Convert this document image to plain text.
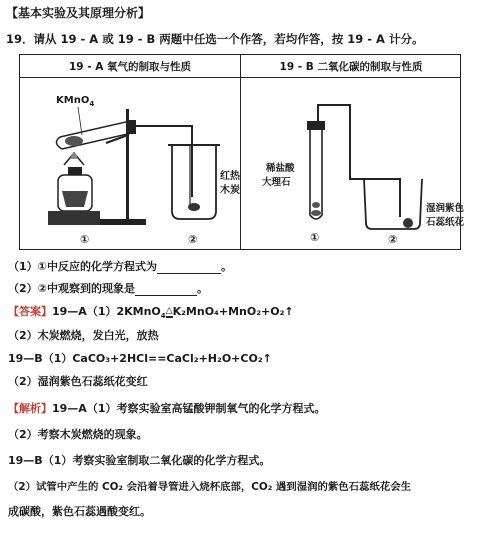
【基本实验及其原理分析】
19．请从 19 - A 或 19 - B 两题中任选一个作答，若均作答，按 19 - A 计分。
19 - A 氧气的制取与性质	19 - B 二氧化碳的制取与性质
KMnO$_4$
红热
木炭
①	②
稀盐酸
大理石
湿润紫色
石蕊纸花
①	②
（1）①中反应的化学方程式为	。
（2）②中观察到的现象是	。
【答案】19—A（1）2KMnO$_4$△K₂MnO₄+MnO₂+O₂↑
（2）木炭燃烧，发白光，放热
19—B（1）CaCO₃+2HCl==CaCl₂+H₂O+CO₂↑
（2）湿润紫色石蕊纸花变红
【解析】19—A（1）考察实验室高锰酸钾制氧气的化学方程式。
（2）考察木炭燃烧的现象。
19—B（1）考察实验室制取二氧化碳的化学方程式。
（2）试管中产生的 CO₂ 会沿着导管进入烧杯底部，CO₂ 遇到湿润的紫色石蕊纸花会生
成碳酸，紫色石蕊遇酸变红。
